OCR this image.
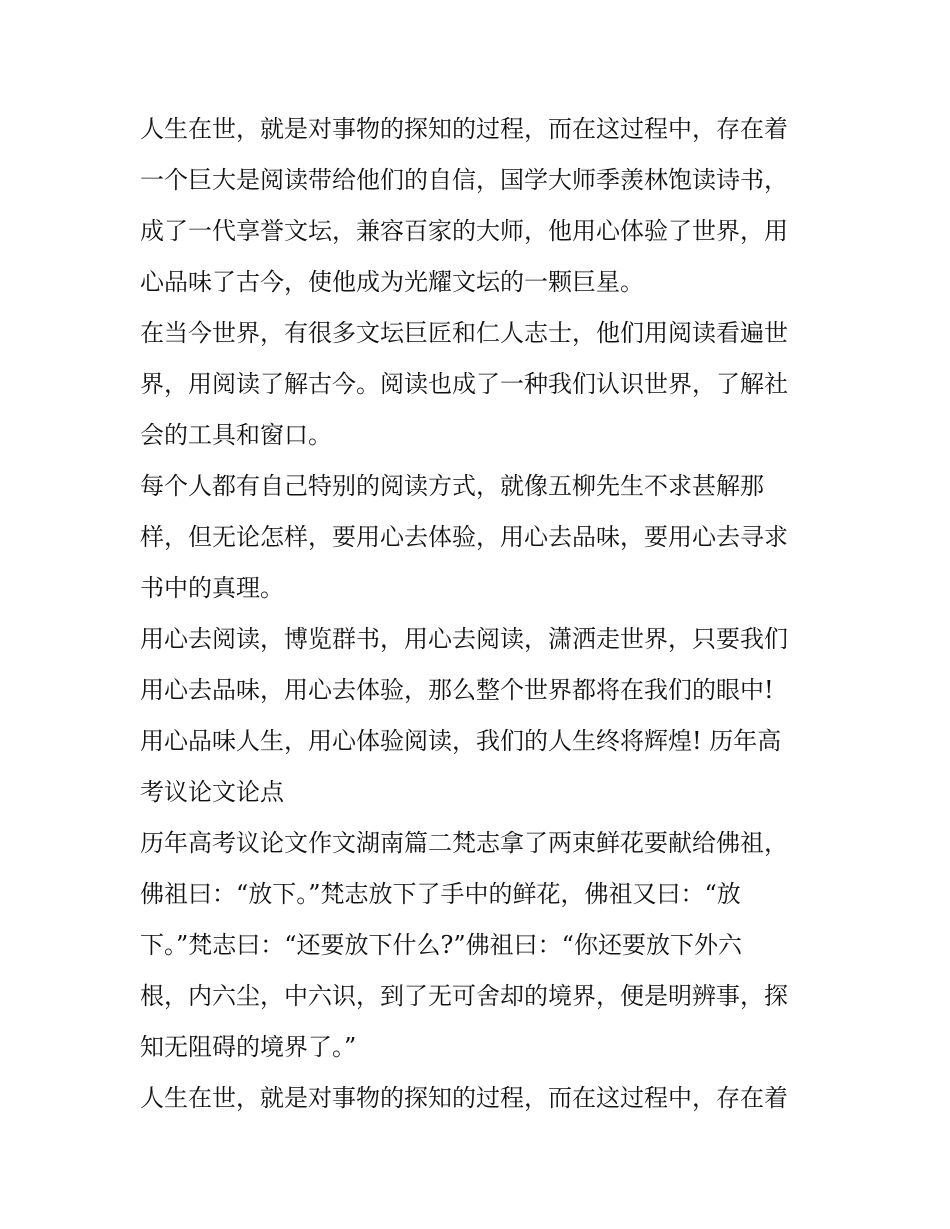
人生在世，就是对事物的探知的过程，而在这过程中，存在着
一个巨大是阅读带给他们的自信，国学大师季羡林饱读诗书，
成了一代享誉文坛，兼容百家的大师，他用心体验了世界，用
心品味了古今，使他成为光耀文坛的一颗巨星。
在当今世界，有很多文坛巨匠和仁人志士，他们用阅读看遍世
界，用阅读了解古今。阅读也成了一种我们认识世界，了解社
会的工具和窗口。
每个人都有自己特别的阅读方式，就像五柳先生不求甚解那
样，但无论怎样，要用心去体验，用心去品味，要用心去寻求
书中的真理。
用心去阅读，博览群书，用心去阅读，潇洒走世界，只要我们
用心去品味，用心去体验，那么整个世界都将在我们的眼中!
用心品味人生，用心体验阅读，我们的人生终将辉煌! 历年高
考议论文论点
历年高考议论文作文湖南篇二梵志拿了两束鲜花要献给佛祖，
佛祖曰：“放下。”梵志放下了手中的鲜花，佛祖又曰：“放
下。”梵志曰：“还要放下什么?”佛祖曰：“你还要放下外六
根，内六尘，中六识，到了无可舍却的境界，便是明辨事，探
知无阻碍的境界了。”
人生在世，就是对事物的探知的过程，而在这过程中，存在着
